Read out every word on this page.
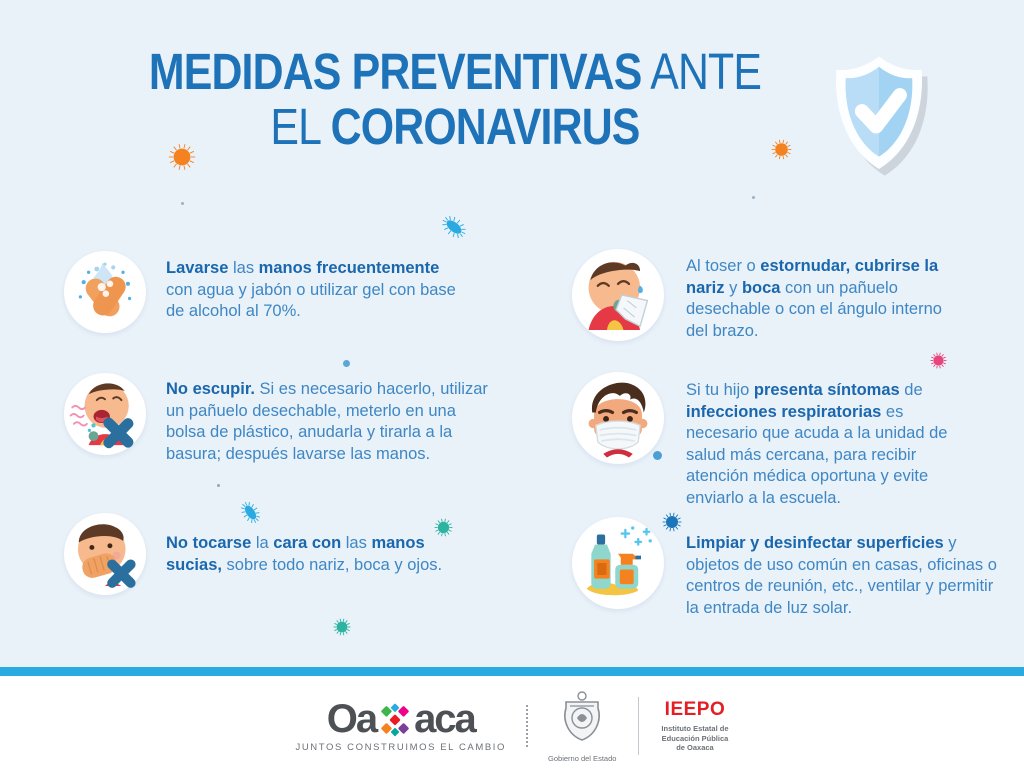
MEDIDAS PREVENTIVAS ANTE
EL CORONAVIRUS

Lavarse las manos frecuentemente con agua y jabón o utilizar gel con base de alcohol al 70%.

Al toser o estornudar, cubrirse la nariz y boca con un pañuelo desechable o con el ángulo interno del brazo.

No escupir. Si es necesario hacerlo, utilizar un pañuelo desechable, meterlo en una bolsa de plástico, anudarla y tirarla a la basura; después lavarse las manos.

Si tu hijo presenta síntomas de infecciones respiratorias es necesario que acuda a la unidad de salud más cercana, para recibir atención médica oportuna y evite enviarlo a la escuela.

No tocarse la cara con las manos sucias, sobre todo nariz, boca y ojos.

Limpiar y desinfectar superficies y objetos de uso común en casas, oficinas o centros de reunión, etc., ventilar y permitir la entrada de luz solar.

Oa aca
JUNTOS CONSTRUIMOS EL CAMBIO
Gobierno del Estado
IEEPO
Instituto Estatal de
Educación Pública
de Oaxaca
